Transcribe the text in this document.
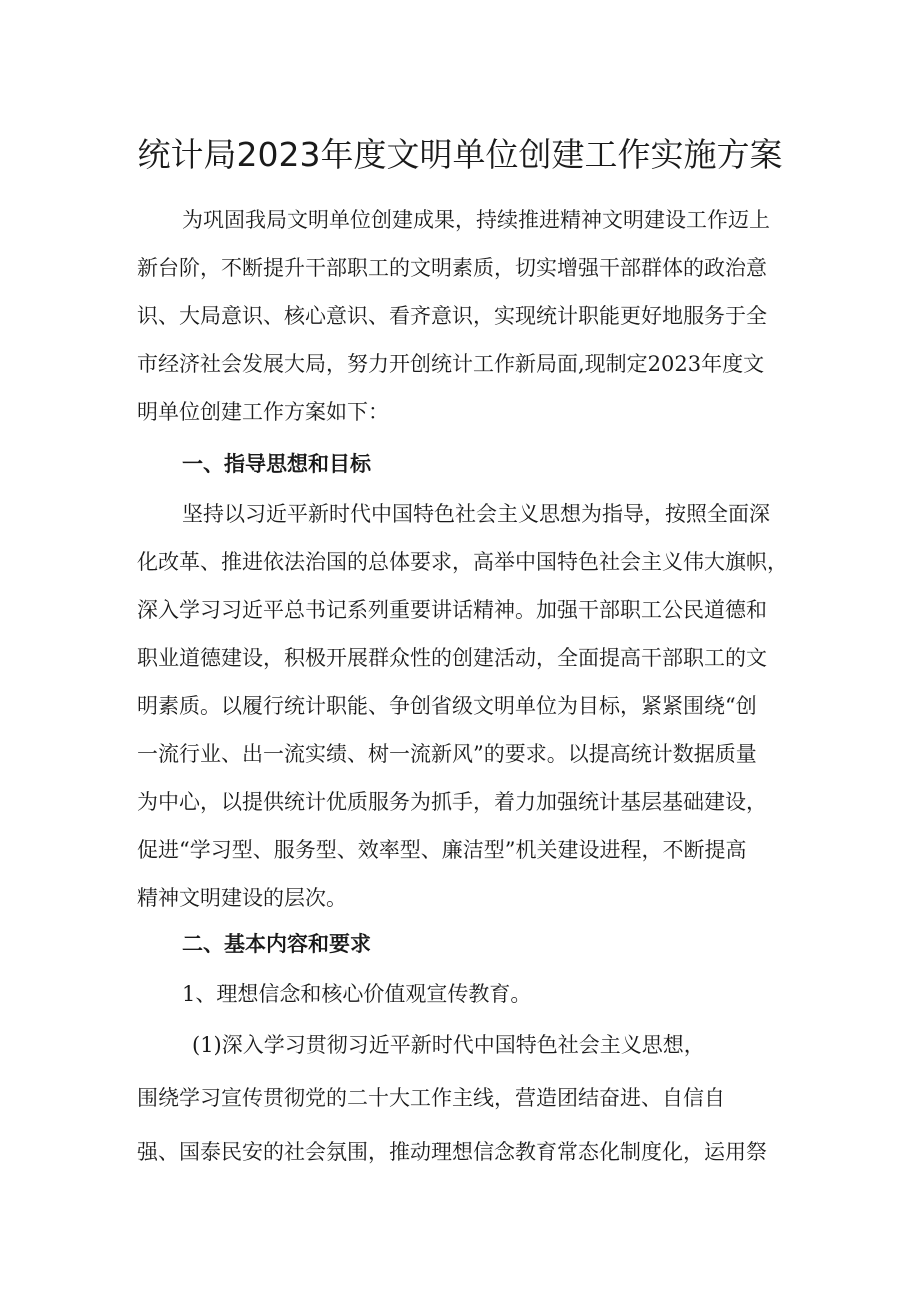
统计局2023年度文明单位创建工作实施方案
为巩固我局文明单位创建成果，持续推进精神文明建设工作迈上
新台阶，不断提升干部职工的文明素质，切实增强干部群体的政治意
识、大局意识、核心意识、看齐意识，实现统计职能更好地服务于全
市经济社会发展大局，努力开创统计工作新局面,现制定2023年度文
明单位创建工作方案如下：
一、指导思想和目标
坚持以习近平新时代中国特色社会主义思想为指导，按照全面深
化改革、推进依法治国的总体要求，高举中国特色社会主义伟大旗帜，
深入学习习近平总书记系列重要讲话精神。加强干部职工公民道德和
职业道德建设，积极开展群众性的创建活动，全面提高干部职工的文
明素质。以履行统计职能、争创省级文明单位为目标，紧紧围绕“创
一流行业、出一流实绩、树一流新风”的要求。以提高统计数据质量
为中心，以提供统计优质服务为抓手，着力加强统计基层基础建设，
促进“学习型、服务型、效率型、廉洁型”机关建设进程，不断提高
精神文明建设的层次。
二、基本内容和要求
1、理想信念和核心价值观宣传教育。
(1)深入学习贯彻习近平新时代中国特色社会主义思想，
围绕学习宣传贯彻党的二十大工作主线，营造团结奋进、自信自
强、国泰民安的社会氛围，推动理想信念教育常态化制度化，运用祭
